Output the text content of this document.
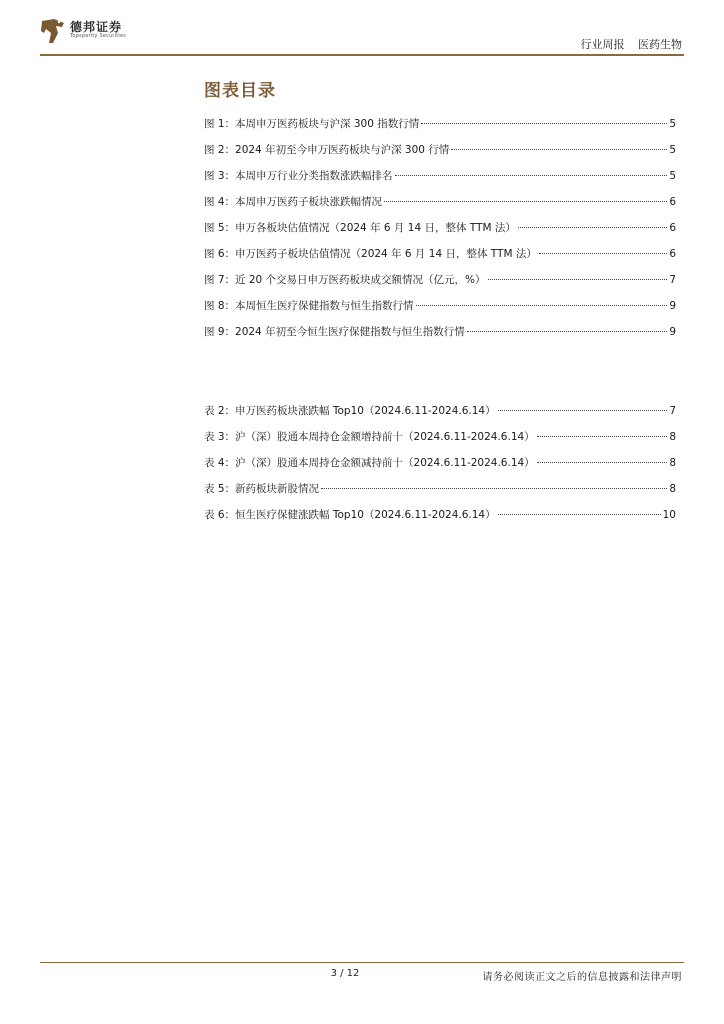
德邦证券
Topsperity Securities
行业周报 医药生物
图表目录
图 1：本周申万医药板块与沪深 300 指数行情	5
图 2：2024 年初至今申万医药板块与沪深 300 行情	5
图 3：本周申万行业分类指数涨跌幅排名	5
图 4：本周申万医药子板块涨跌幅情况	6
图 5：申万各板块估值情况（2024 年 6 月 14 日，整体 TTM 法）	6
图 6：申万医药子板块估值情况（2024 年 6 月 14 日，整体 TTM 法）	6
图 7：近 20 个交易日申万医药板块成交额情况（亿元，%）	7
图 8：本周恒生医疗保健指数与恒生指数行情	9
图 9：2024 年初至今恒生医疗保健指数与恒生指数行情	9
表 2：申万医药板块涨跌幅 Top10（2024.6.11-2024.6.14）	7
表 3：沪（深）股通本周持仓金额增持前十（2024.6.11-2024.6.14）	8
表 4：沪（深）股通本周持仓金额减持前十（2024.6.11-2024.6.14）	8
表 5：新药板块新股情况	8
表 6：恒生医疗保健涨跌幅 Top10（2024.6.11-2024.6.14）	10
3 / 12	请务必阅读正文之后的信息披露和法律声明
